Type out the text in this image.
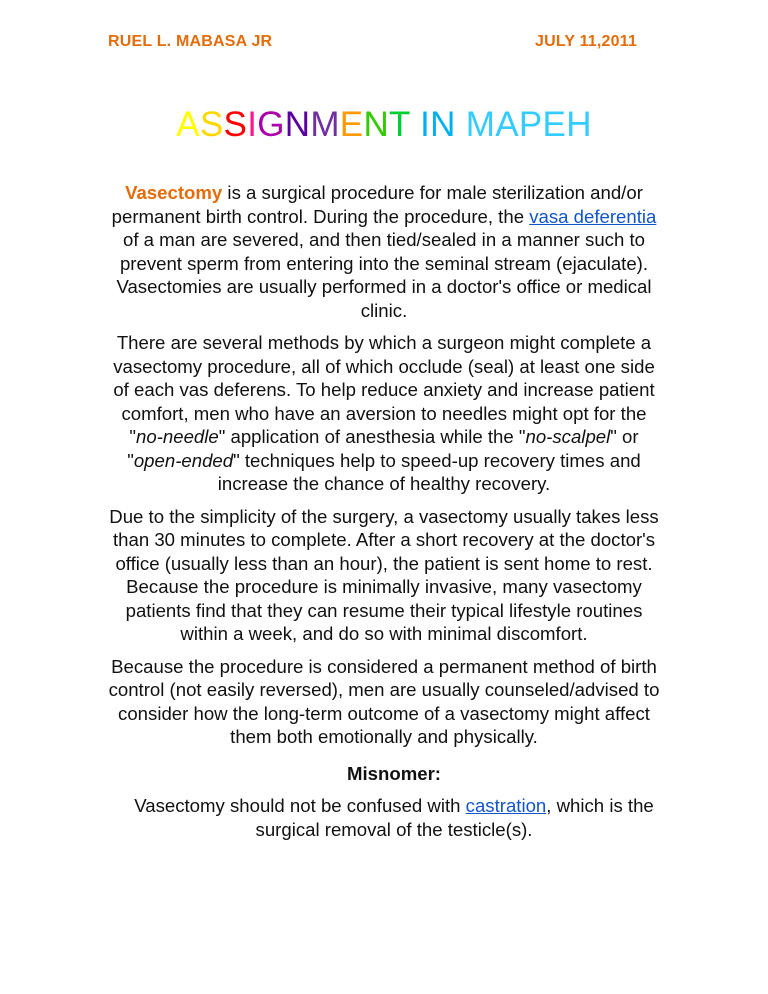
RUEL L. MABASA JR	JULY 11,2011
ASSIGNMENT IN MAPEH

Vasectomy is a surgical procedure for male sterilization and/or permanent birth control. During the procedure, the vasa deferentia of a man are severed, and then tied/sealed in a manner such to prevent sperm from entering into the seminal stream (ejaculate). Vasectomies are usually performed in a doctor's office or medical clinic.

There are several methods by which a surgeon might complete a vasectomy procedure, all of which occlude (seal) at least one side of each vas deferens. To help reduce anxiety and increase patient comfort, men who have an aversion to needles might opt for the "no-needle" application of anesthesia while the "no-scalpel" or "open-ended" techniques help to speed-up recovery times and increase the chance of healthy recovery.

Due to the simplicity of the surgery, a vasectomy usually takes less than 30 minutes to complete. After a short recovery at the doctor's office (usually less than an hour), the patient is sent home to rest. Because the procedure is minimally invasive, many vasectomy patients find that they can resume their typical lifestyle routines within a week, and do so with minimal discomfort.

Because the procedure is considered a permanent method of birth control (not easily reversed), men are usually counseled/advised to consider how the long-term outcome of a vasectomy might affect them both emotionally and physically.

Misnomer:

Vasectomy should not be confused with castration, which is the surgical removal of the testicle(s).
